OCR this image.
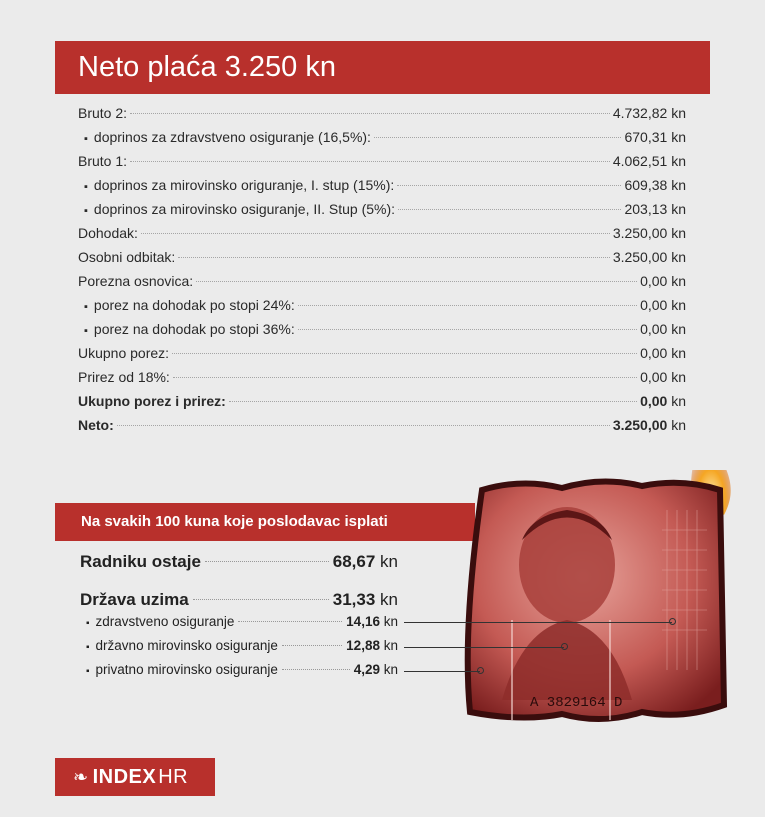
Neto plaća 3.250 kn
Bruto 2:	4.732,82 kn
▪ doprinos za zdravstveno osiguranje (16,5%):	670,31 kn
Bruto 1:	4.062,51 kn
▪ doprinos za mirovinsko origuranje, I. stup (15%):	609,38 kn
▪ doprinos za mirovinsko osiguranje, II. Stup (5%):	203,13 kn
Dohodak:	3.250,00 kn
Osobni odbitak:	3.250,00 kn
Porezna osnovica:	0,00 kn
▪ porez na dohodak po stopi 24%:	0,00 kn
▪ porez na dohodak po stopi 36%:	0,00 kn
Ukupno porez:	0,00 kn
Prirez od 18%:	0,00 kn
Ukupno porez i prirez:	0,00 kn
Neto:	3.250,00 kn
Na svakih 100 kuna koje poslodavac isplati
Radniku ostaje	68,67 kn
Država uzima	31,33 kn
▪ zdravstveno osiguranje	14,16 kn
▪ državno mirovinsko osiguranje	12,88 kn
▪ privatno mirovinsko osiguranje	4,29 kn
A 3829164 D
❧ INDEX HR
